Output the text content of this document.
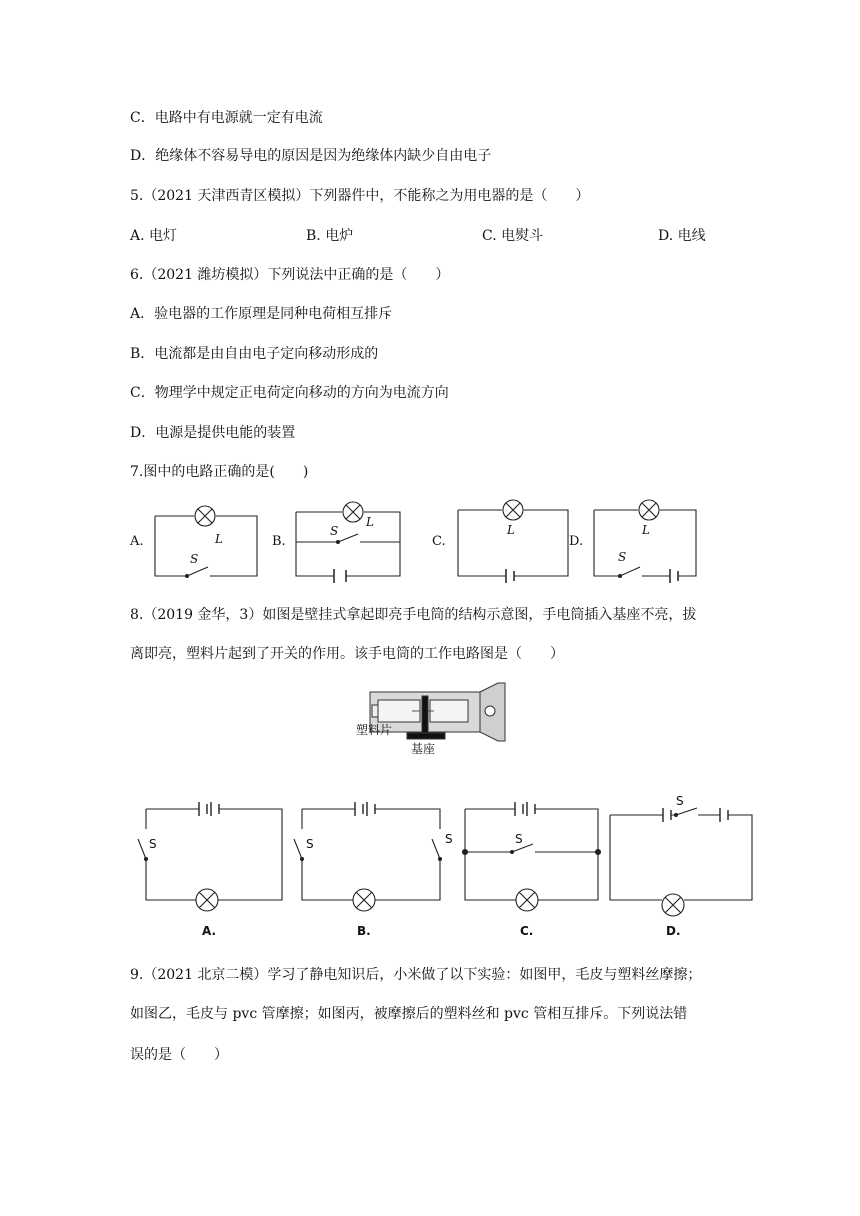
C．电路中有电源就一定有电流
D．绝缘体不容易导电的原因是因为绝缘体内缺少自由电子
5.（2021 天津西青区模拟）下列器件中，不能称之为用电器的是（　　）
A. 电灯	B. 电炉	C. 电熨斗	D. 电线
6.（2021 潍坊模拟）下列说法中正确的是（　　）
A．验电器的工作原理是同种电荷相互排斥
B．电流都是由自由电子定向移动形成的
C．物理学中规定正电荷定向移动的方向为电流方向
D．电源是提供电能的装置
7.图中的电路正确的是(　　)
A.	L
S
B.
L
S
C.
L
D.
L
S
8.（2019 金华，3）如图是壁挂式拿起即亮手电筒的结构示意图，手电筒插入基座不亮，拔
离即亮，塑料片起到了开关的作用。该手电筒的工作电路图是（　　）
塑料片
基座
S
A.
S	S
B.
S
C.
S
D.
9.（2021 北京二模）学习了静电知识后，小米做了以下实验：如图甲，毛皮与塑料丝摩擦；
如图乙，毛皮与 pvc 管摩擦；如图丙，被摩擦后的塑料丝和 pvc 管相互排斥。下列说法错
误的是（　　）
